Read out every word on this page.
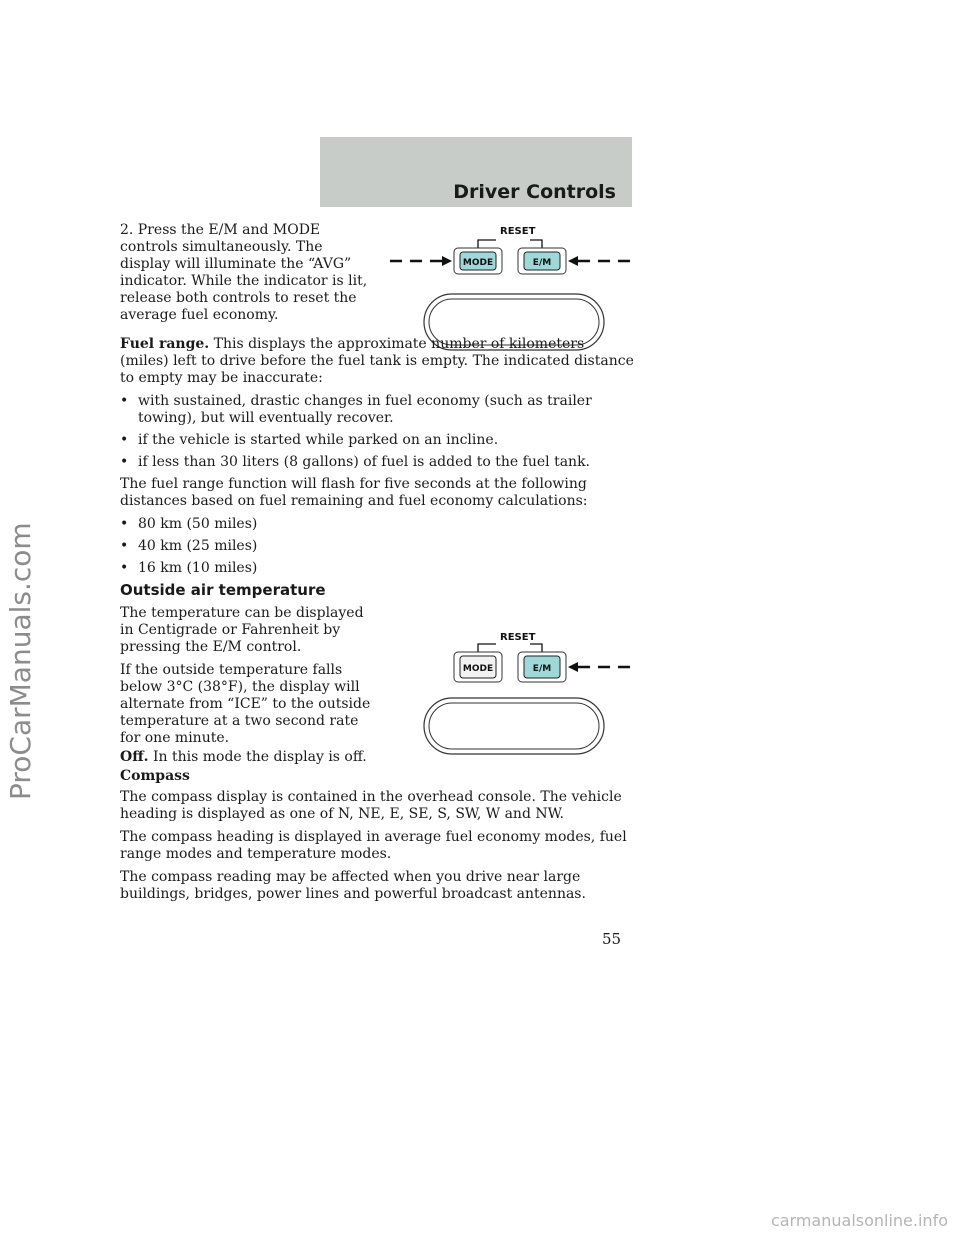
Driver Controls
ProCarManuals.com
carmanualsonline.info
RESET
MODE	E/M
RESET
MODE	E/M

2. Press the E/M and MODE controls simultaneously. The display will illuminate the “AVG” indicator. While the indicator is lit, release both controls to reset the average fuel economy.

Fuel range. This displays the approximate number of kilometers (miles) left to drive before the fuel tank is empty. The indicated distance to empty may be inaccurate:

• with sustained, drastic changes in fuel economy (such as trailer towing), but will eventually recover.
• if the vehicle is started while parked on an incline.
• if less than 30 liters (8 gallons) of fuel is added to the fuel tank.

The fuel range function will flash for five seconds at the following distances based on fuel remaining and fuel economy calculations:

• 80 km (50 miles)
• 40 km (25 miles)
• 16 km (10 miles)
Outside air temperature

The temperature can be displayed in Centigrade or Fahrenheit by pressing the E/M control.

If the outside temperature falls below 3°C (38°F), the display will alternate from “ICE” to the outside temperature at a two second rate for one minute.

Off. In this mode the display is off.

Compass

The compass display is contained in the overhead console. The vehicle heading is displayed as one of N, NE, E, SE, S, SW, W and NW.

The compass heading is displayed in average fuel economy modes, fuel range modes and temperature modes.

The compass reading may be affected when you drive near large buildings, bridges, power lines and powerful broadcast antennas.

55
